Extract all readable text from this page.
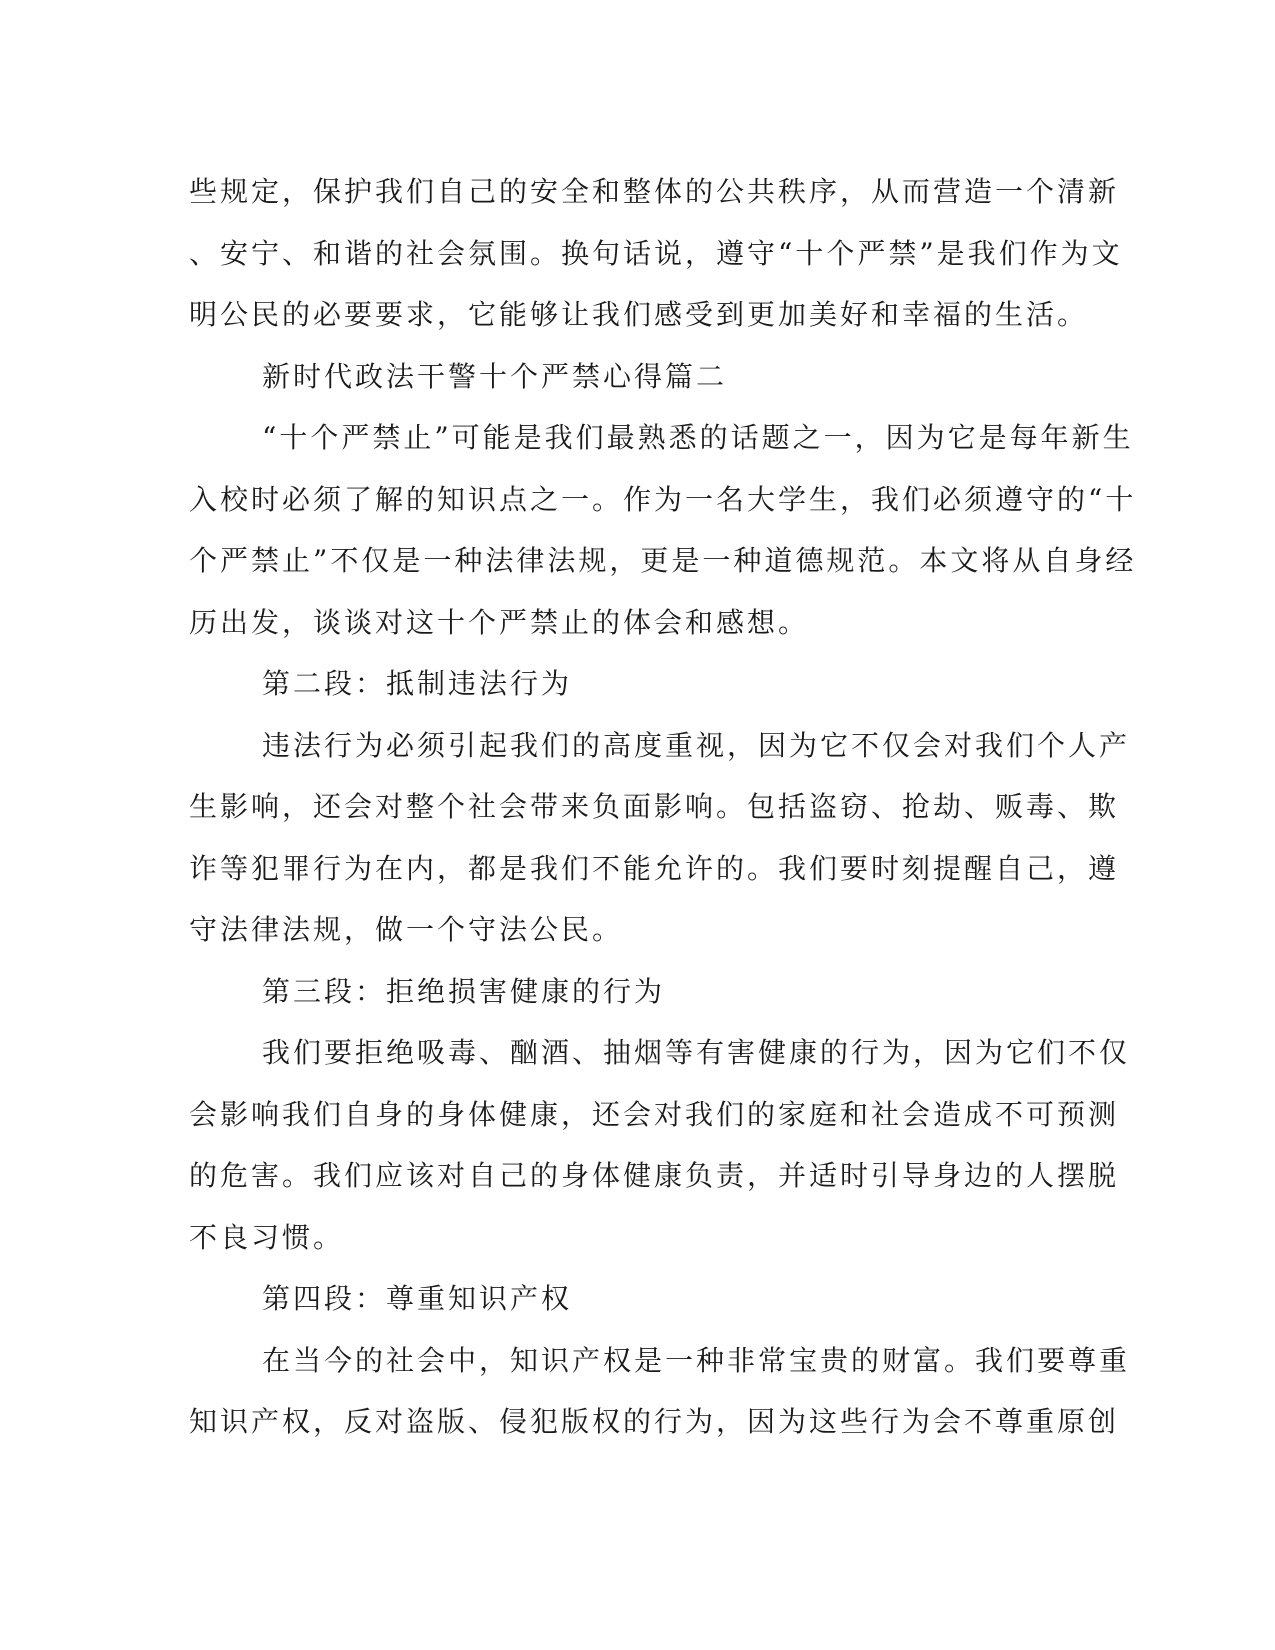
些规定，保护我们自己的安全和整体的公共秩序，从而营造一个清新
、安宁、和谐的社会氛围。换句话说，遵守“十个严禁”是我们作为文
明公民的必要要求，它能够让我们感受到更加美好和幸福的生活。
新时代政法干警十个严禁心得篇二
“十个严禁止”可能是我们最熟悉的话题之一，因为它是每年新生
入校时必须了解的知识点之一。作为一名大学生，我们必须遵守的“十
个严禁止”不仅是一种法律法规，更是一种道德规范。本文将从自身经
历出发，谈谈对这十个严禁止的体会和感想。
第二段：抵制违法行为
违法行为必须引起我们的高度重视，因为它不仅会对我们个人产
生影响，还会对整个社会带来负面影响。包括盗窃、抢劫、贩毒、欺
诈等犯罪行为在内，都是我们不能允许的。我们要时刻提醒自己，遵
守法律法规，做一个守法公民。
第三段：拒绝损害健康的行为
我们要拒绝吸毒、酗酒、抽烟等有害健康的行为，因为它们不仅
会影响我们自身的身体健康，还会对我们的家庭和社会造成不可预测
的危害。我们应该对自己的身体健康负责，并适时引导身边的人摆脱
不良习惯。
第四段：尊重知识产权
在当今的社会中，知识产权是一种非常宝贵的财富。我们要尊重
知识产权，反对盗版、侵犯版权的行为，因为这些行为会不尊重原创
